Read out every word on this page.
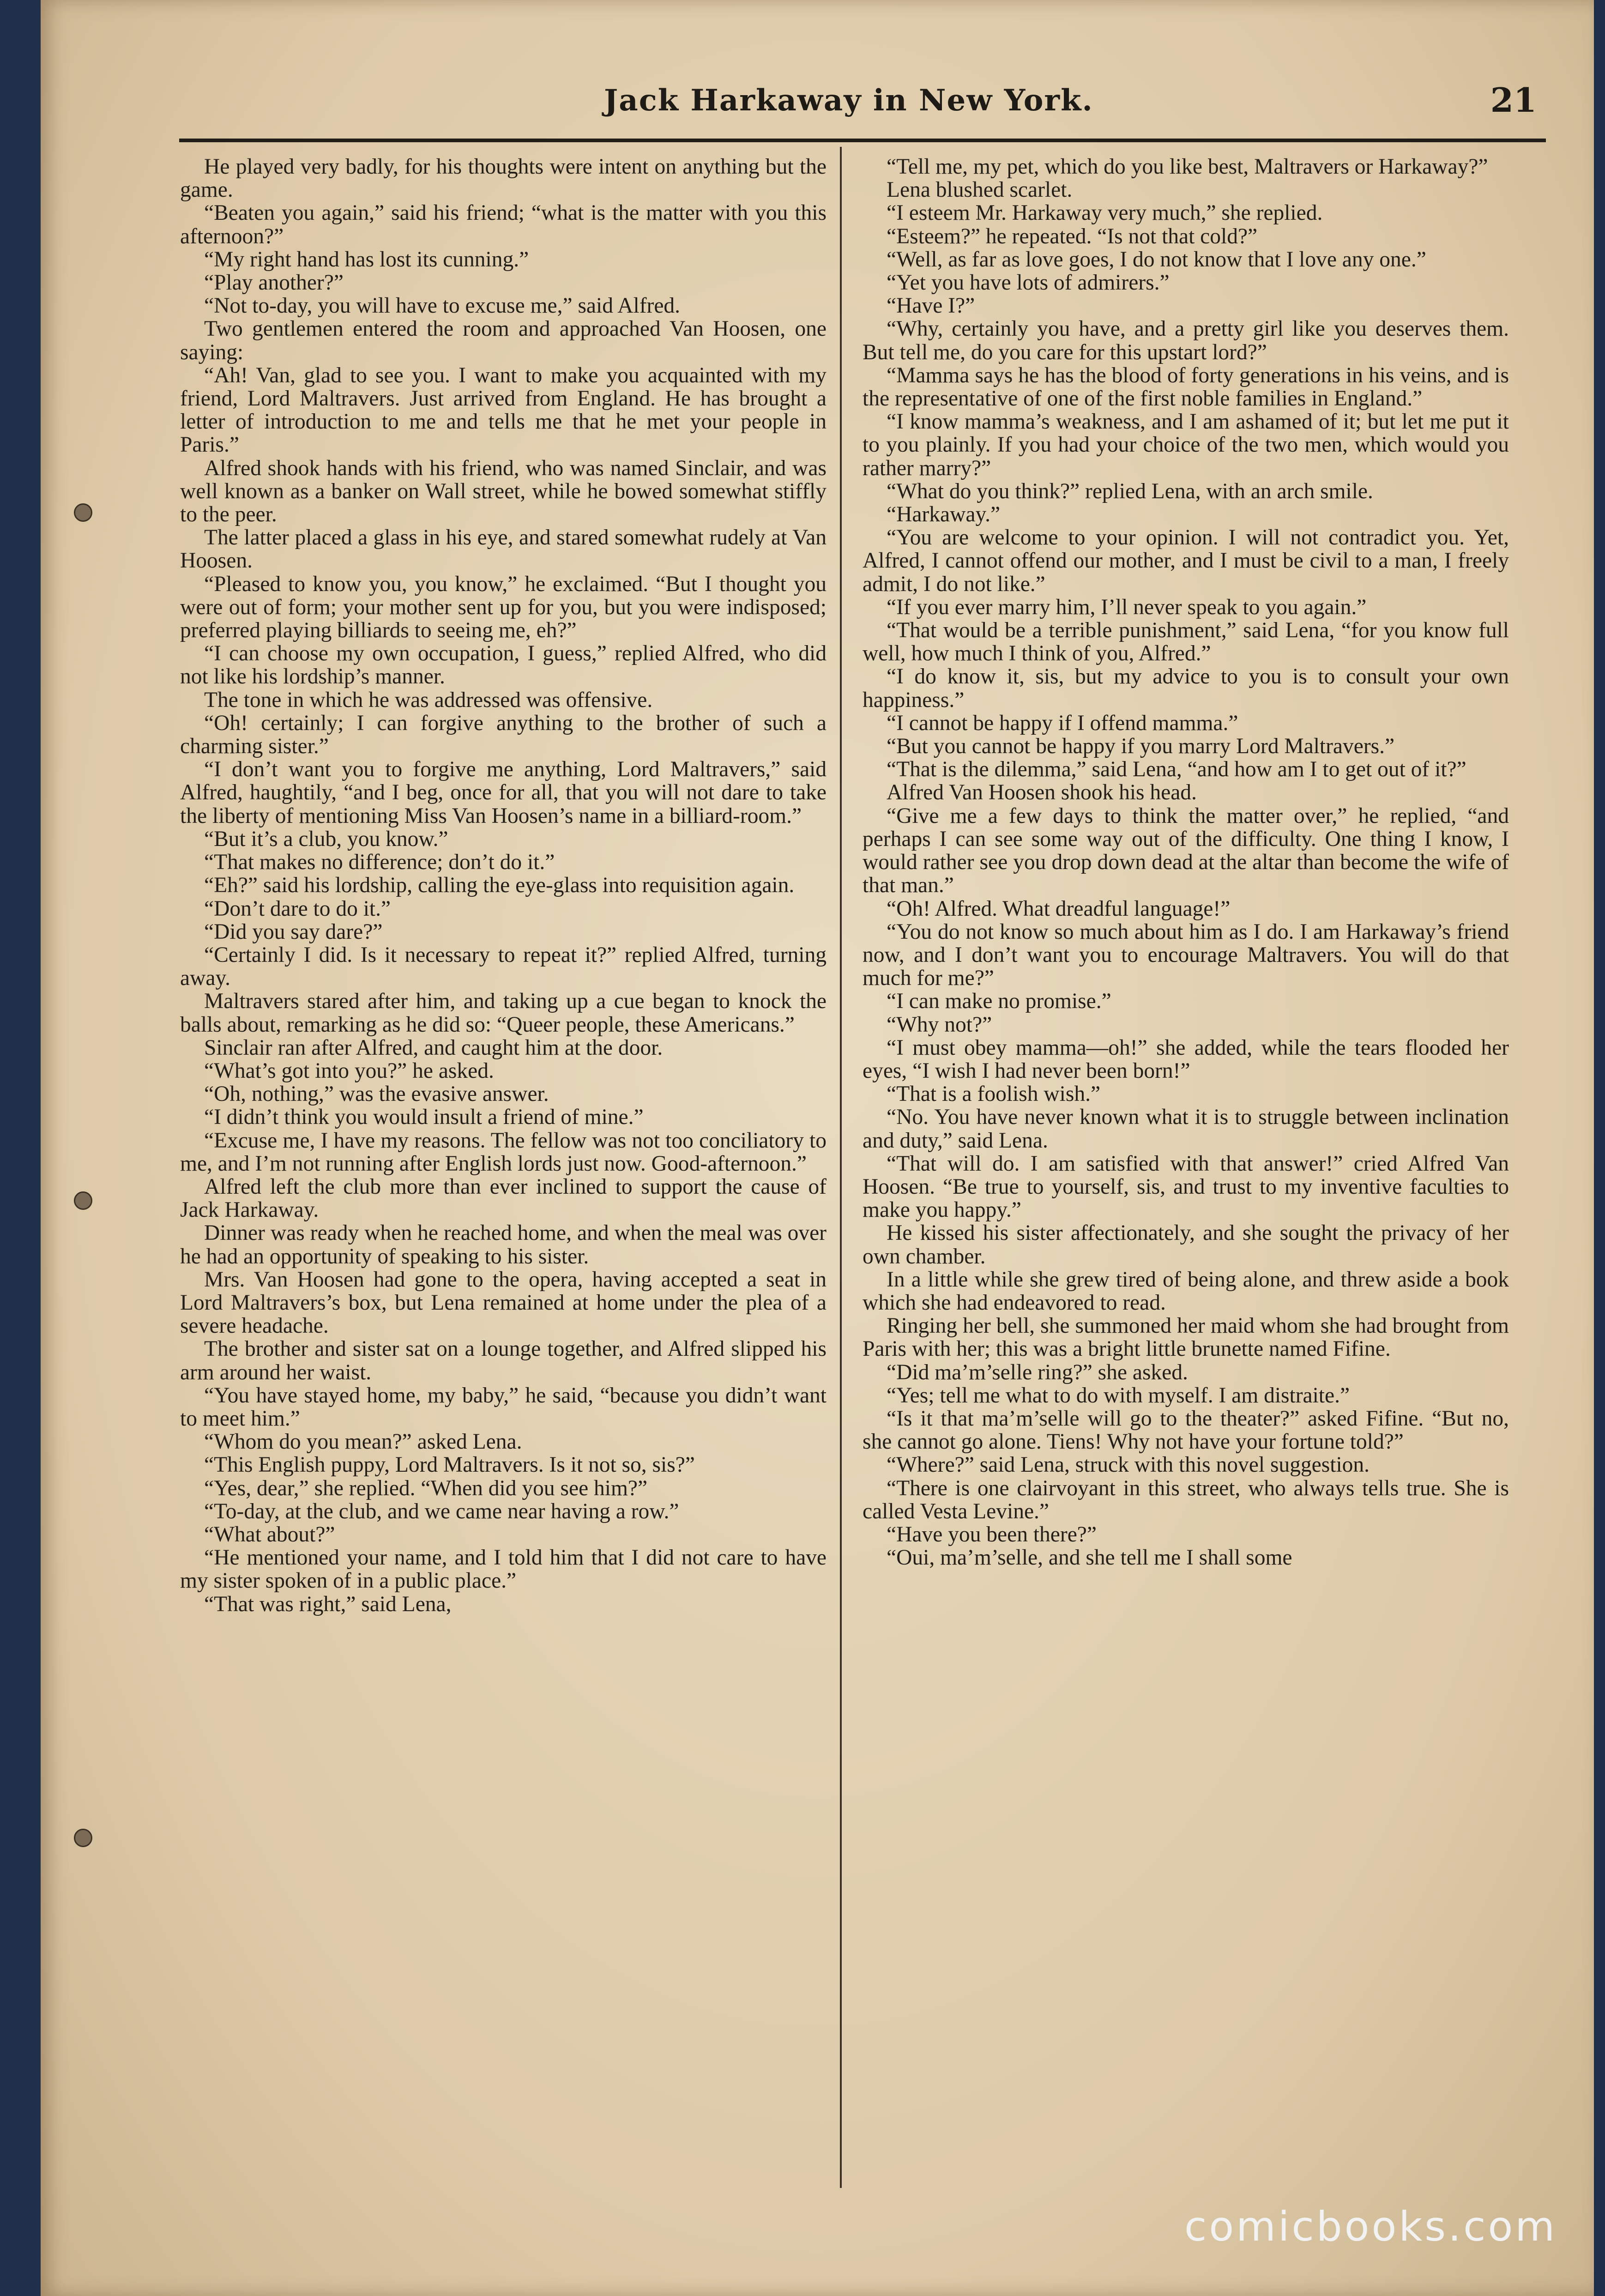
Jack Harkaway in New York.	21

He played very badly, for his thoughts were intent on anything but the game.

“Beaten you again,” said his friend; “what is the matter with you this afternoon?”

“My right hand has lost its cunning.”

“Play another?”

“Not to-day, you will have to excuse me,” said Alfred.

Two gentlemen entered the room and approached Van Hoosen, one saying:

“Ah! Van, glad to see you. I want to make you acquainted with my friend, Lord Maltravers. Just arrived from England. He has brought a letter of introduction to me and tells me that he met your people in Paris.”

Alfred shook hands with his friend, who was named Sinclair, and was well known as a banker on Wall street, while he bowed somewhat stiffly to the peer.

The latter placed a glass in his eye, and stared somewhat rudely at Van Hoosen.

“Pleased to know you, you know,” he exclaimed. “But I thought you were out of form; your mother sent up for you, but you were indisposed; preferred playing billiards to seeing me, eh?”

“I can choose my own occupation, I guess,” replied Alfred, who did not like his lordship’s manner.

The tone in which he was addressed was offensive.

“Oh! certainly; I can forgive anything to the brother of such a charming sister.”

“I don’t want you to forgive me anything, Lord Maltravers,” said Alfred, haughtily, “and I beg, once for all, that you will not dare to take the liberty of mentioning Miss Van Hoosen’s name in a billiard-room.”

“But it’s a club, you know.”

“That makes no difference; don’t do it.”

“Eh?” said his lordship, calling the eye-glass into requisition again.

“Don’t dare to do it.”

“Did you say dare?”

“Certainly I did. Is it necessary to repeat it?” replied Alfred, turning away.

Maltravers stared after him, and taking up a cue began to knock the balls about, remarking as he did so: “Queer people, these Americans.”

Sinclair ran after Alfred, and caught him at the door.

“What’s got into you?” he asked.

“Oh, nothing,” was the evasive answer.

“I didn’t think you would insult a friend of mine.”

“Excuse me, I have my reasons. The fellow was not too conciliatory to me, and I’m not running after English lords just now. Good-afternoon.”

Alfred left the club more than ever inclined to support the cause of Jack Harkaway.

Dinner was ready when he reached home, and when the meal was over he had an opportunity of speaking to his sister.

Mrs. Van Hoosen had gone to the opera, having accepted a seat in Lord Maltravers’s box, but Lena remained at home under the plea of a severe headache.

The brother and sister sat on a lounge together, and Alfred slipped his arm around her waist.

“You have stayed home, my baby,” he said, “because you didn’t want to meet him.”

“Whom do you mean?” asked Lena.

“This English puppy, Lord Maltravers. Is it not so, sis?”

“Yes, dear,” she replied. “When did you see him?”

“To-day, at the club, and we came near having a row.”

“What about?”

“He mentioned your name, and I told him that I did not care to have my sister spoken of in a public place.”

“That was right,” said Lena,

“Tell me, my pet, which do you like best, Maltravers or Harkaway?”

Lena blushed scarlet.

“I esteem Mr. Harkaway very much,” she replied.

“Esteem?” he repeated. “Is not that cold?”

“Well, as far as love goes, I do not know that I love any one.”

“Yet you have lots of admirers.”

“Have I?”

“Why, certainly you have, and a pretty girl like you deserves them. But tell me, do you care for this upstart lord?”

“Mamma says he has the blood of forty generations in his veins, and is the representative of one of the first noble families in England.”

“I know mamma’s weakness, and I am ashamed of it; but let me put it to you plainly. If you had your choice of the two men, which would you rather marry?”

“What do you think?” replied Lena, with an arch smile.

“Harkaway.”

“You are welcome to your opinion. I will not contradict you. Yet, Alfred, I cannot offend our mother, and I must be civil to a man, I freely admit, I do not like.”

“If you ever marry him, I’ll never speak to you again.”

“That would be a terrible punishment,” said Lena, “for you know full well, how much I think of you, Alfred.”

“I do know it, sis, but my advice to you is to consult your own happiness.”

“I cannot be happy if I offend mamma.”

“But you cannot be happy if you marry Lord Maltravers.”

“That is the dilemma,” said Lena, “and how am I to get out of it?”

Alfred Van Hoosen shook his head.

“Give me a few days to think the matter over,” he replied, “and perhaps I can see some way out of the difficulty. One thing I know, I would rather see you drop down dead at the altar than become the wife of that man.”

“Oh! Alfred. What dreadful language!”

“You do not know so much about him as I do. I am Harkaway’s friend now, and I don’t want you to encourage Maltravers. You will do that much for me?”

“I can make no promise.”

“Why not?”

“I must obey mamma—oh!” she added, while the tears flooded her eyes, “I wish I had never been born!”

“That is a foolish wish.”

“No. You have never known what it is to struggle between inclination and duty,” said Lena.

“That will do. I am satisfied with that answer!” cried Alfred Van Hoosen. “Be true to yourself, sis, and trust to my inventive faculties to make you happy.”

He kissed his sister affectionately, and she sought the privacy of her own chamber.

In a little while she grew tired of being alone, and threw aside a book which she had endeavored to read.

Ringing her bell, she summoned her maid whom she had brought from Paris with her; this was a bright little brunette named Fifine.

“Did ma’m’selle ring?” she asked.

“Yes; tell me what to do with myself. I am distraite.”

“Is it that ma’m’selle will go to the theater?” asked Fifine. “But no, she cannot go alone. Tiens! Why not have your fortune told?”

“Where?” said Lena, struck with this novel suggestion.

“There is one clairvoyant in this street, who always tells true. She is called Vesta Levine.”

“Have you been there?”

“Oui, ma’m’selle, and she tell me I shall some

comicbooks.com
